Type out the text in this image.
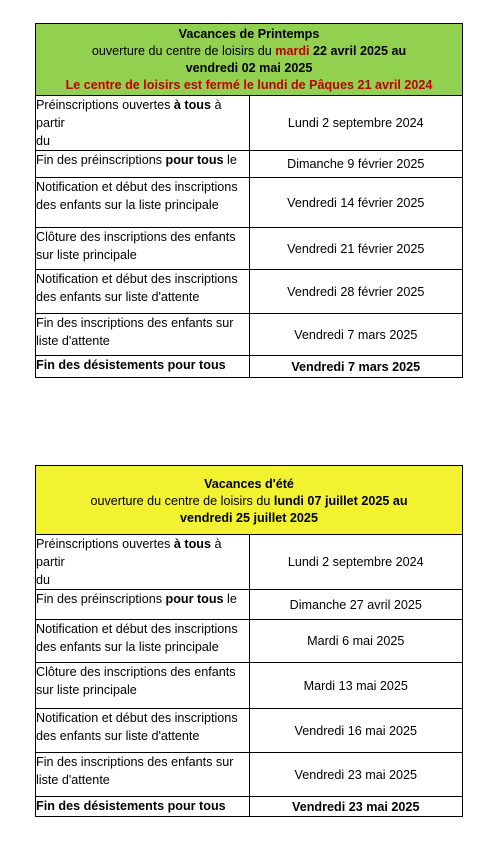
Vacances de Printemps
ouverture du centre de loisirs du mardi 22 avril 2025 au
vendredi 02 mai 2025
Le centre de loisirs est fermé le lundi de Pâques 21 avril 2024	
Préinscriptions ouvertes à tous à partir
du	Lundi 2 septembre 2024
Fin des préinscriptions pour tous le	Dimanche 9 février 2025
Notification et début des inscriptions
des enfants sur la liste principale	Vendredi 14 février 2025
Clôture des inscriptions des enfants
sur liste principale	Vendredi 21 février 2025
Notification et début des inscriptions
des enfants sur liste d'attente	Vendredi 28 février 2025
Fin des inscriptions des enfants sur
liste d'attente	Vendredi 7 mars 2025
Fin des désistements pour tous	Vendredi 7 mars 2025
Vacances d'été
ouverture du centre de loisirs du lundi 07 juillet 2025 au
vendredi 25 juillet 2025	
Préinscriptions ouvertes à tous à partir
du	Lundi 2 septembre 2024
Fin des préinscriptions pour tous le	Dimanche 27 avril 2025
Notification et début des inscriptions
des enfants sur la liste principale	Mardi 6 mai 2025
Clôture des inscriptions des enfants
sur liste principale	Mardi 13 mai 2025
Notification et début des inscriptions
des enfants sur liste d'attente	Vendredi 16 mai 2025
Fin des inscriptions des enfants sur
liste d'attente	Vendredi 23 mai 2025
Fin des désistements pour tous	Vendredi 23 mai 2025
